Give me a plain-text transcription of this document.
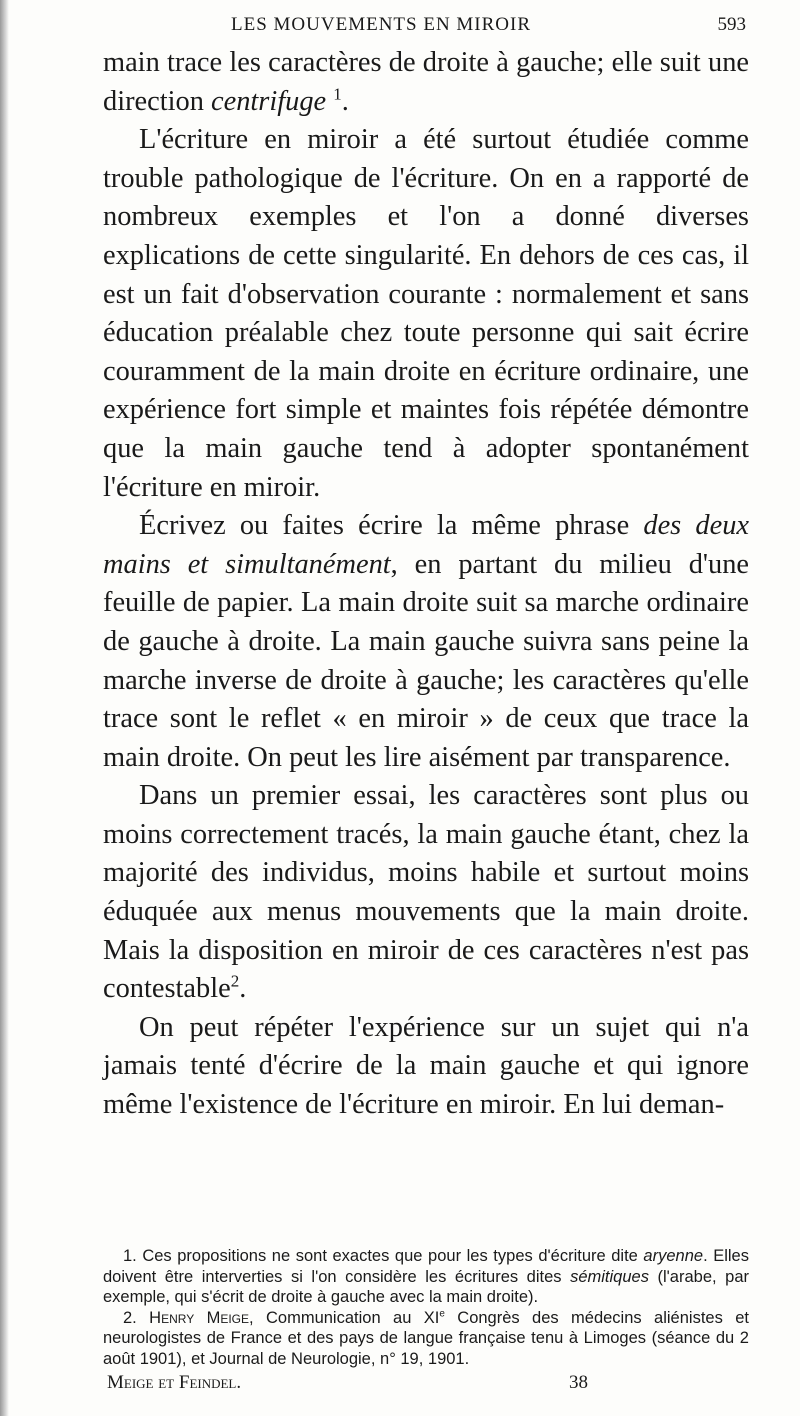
LES MOUVEMENTS EN MIROIR	593

main trace les caractères de droite à gauche; elle suit une direction centrifuge $^1$.

L'écriture en miroir a été surtout étudiée comme trouble pathologique de l'écriture. On en a rapporté de nombreux exemples et l'on a donné diverses explications de cette singularité. En dehors de ces cas, il est un fait d'observation courante : normalement et sans éducation préalable chez toute personne qui sait écrire couramment de la main droite en écriture ordinaire, une expérience fort simple et maintes fois répétée démontre que la main gauche tend à adopter spontanément l'écriture en miroir.

Écrivez ou faites écrire la même phrase des deux mains et simultanément, en partant du milieu d'une feuille de papier. La main droite suit sa marche ordinaire de gauche à droite. La main gauche suivra sans peine la marche inverse de droite à gauche; les caractères qu'elle trace sont le reflet « en miroir » de ceux que trace la main droite. On peut les lire aisément par transparence.

Dans un premier essai, les caractères sont plus ou moins correctement tracés, la main gauche étant, chez la majorité des individus, moins habile et surtout moins éduquée aux menus mouvements que la main droite. Mais la disposition en miroir de ces caractères n'est pas contestable$^2$.

On peut répéter l'expérience sur un sujet qui n'a jamais tenté d'écrire de la main gauche et qui ignore même l'existence de l'écriture en miroir. En lui deman-

1. Ces propositions ne sont exactes que pour les types d'écriture dite aryenne. Elles doivent être interverties si l'on considère les écritures dites sémitiques (l'arabe, par exemple, qui s'écrit de droite à gauche avec la main droite).

2. Henry Meige, Communication au XIe Congrès des médecins aliénistes et neurologistes de France et des pays de langue française tenu à Limoges (séance du 2 août 1901), et Journal de Neurologie, n° 19, 1901.

Meige et Feindel.	38
